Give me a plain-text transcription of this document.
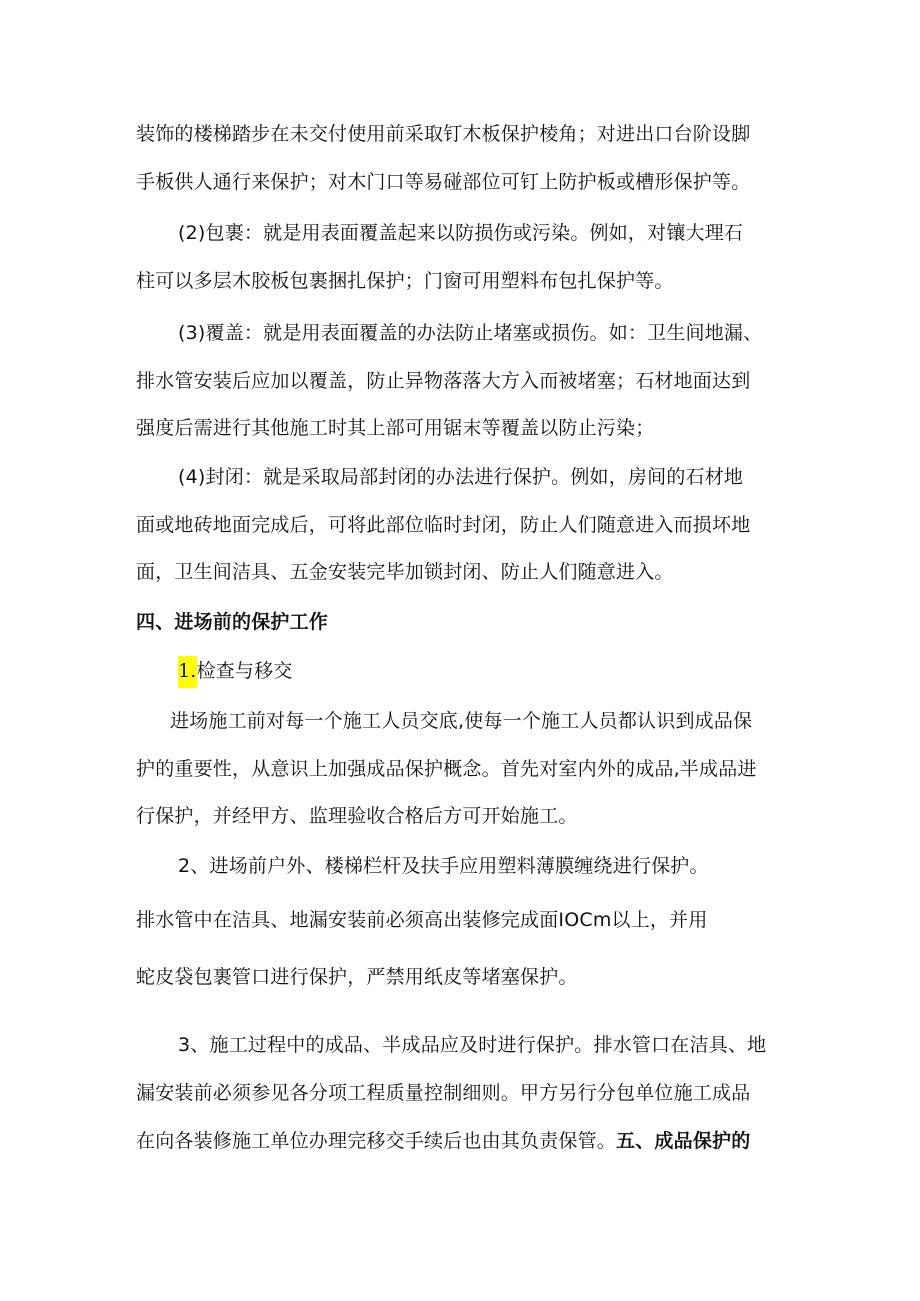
装饰的楼梯踏步在未交付使用前采取钉木板保护棱角；对进出口台阶设脚
手板供人通行来保护；对木门口等易碰部位可钉上防护板或槽形保护等。
(2)包裹：就是用表面覆盖起来以防损伤或污染。例如，对镶大理石
柱可以多层木胶板包裹捆扎保护；门窗可用塑料布包扎保护等。
(3)覆盖：就是用表面覆盖的办法防止堵塞或损伤。如：卫生间地漏、
排水管安装后应加以覆盖，防止异物落落大方入而被堵塞；石材地面达到
强度后需进行其他施工时其上部可用锯末等覆盖以防止污染；
(4)封闭：就是采取局部封闭的办法进行保护。例如，房间的石材地
面或地砖地面完成后，可将此部位临时封闭，防止人们随意进入而损坏地
面，卫生间洁具、五金安装完毕加锁封闭、防止人们随意进入。
四、进场前的保护工作
1.检查与移交
进场施工前对每一个施工人员交底,使每一个施工人员都认识到成品保
护的重要性，从意识上加强成品保护概念。首先对室内外的成品,半成品进
行保护，并经甲方、监理验收合格后方可开始施工。
2、进场前户外、楼梯栏杆及扶手应用塑料薄膜缠绕进行保护。
排水管中在洁具、地漏安装前必须高出装修完成面IOCm以上，并用
蛇皮袋包裹管口进行保护，严禁用纸皮等堵塞保护。
3、施工过程中的成品、半成品应及时进行保护。排水管口在洁具、地
漏安装前必须参见各分项工程质量控制细则。甲方另行分包单位施工成品
在向各装修施工单位办理完移交手续后也由其负责保管。五、成品保护的
